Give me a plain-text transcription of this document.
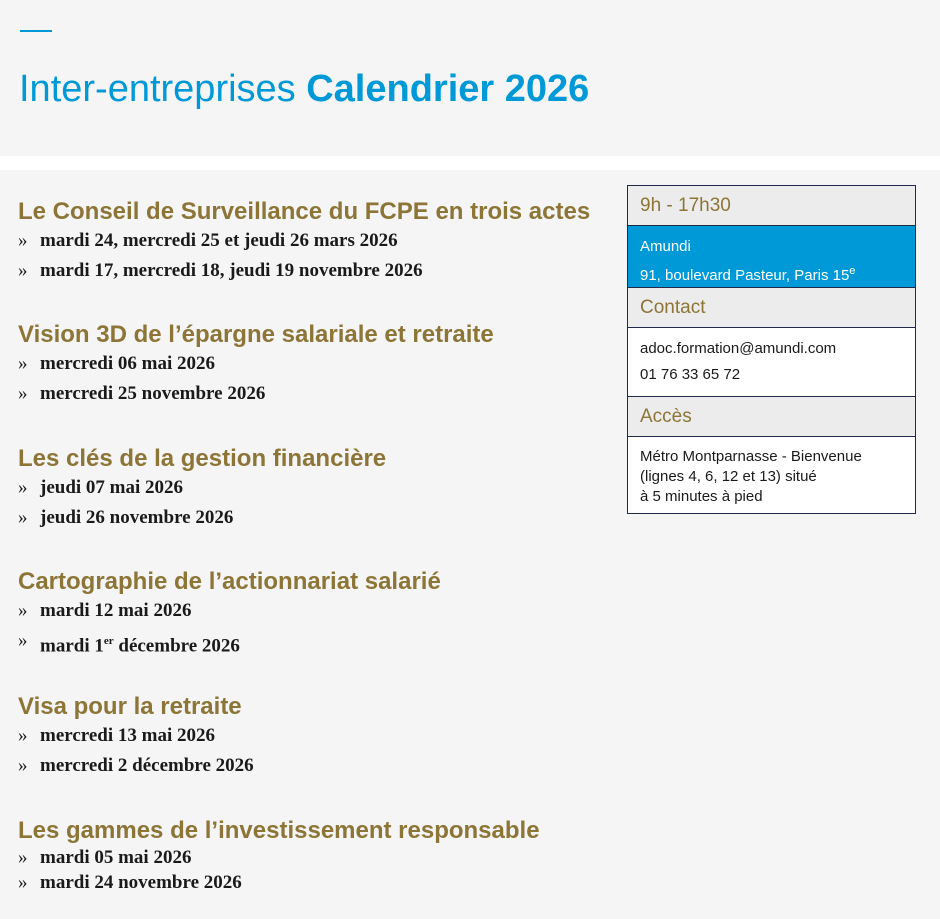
Inter-entreprises Calendrier 2026
Le Conseil de Surveillance du FCPE en trois actes
» mardi 24, mercredi 25 et jeudi 26 mars 2026
» mardi 17, mercredi 18, jeudi 19 novembre 2026
Vision 3D de l’épargne salariale et retraite
» mercredi 06 mai 2026
» mercredi 25 novembre 2026
Les clés de la gestion financière
» jeudi 07 mai 2026
» jeudi 26 novembre 2026
Cartographie de l’actionnariat salarié
» mardi 12 mai 2026
» mardi 1er décembre 2026
Visa pour la retraite
» mercredi 13 mai 2026
» mercredi 2 décembre 2026
Les gammes de l’investissement responsable
» mardi 05 mai 2026
» mardi 24 novembre 2026
9h - 17h30
Amundi
91, boulevard Pasteur, Paris 15e
Contact
adoc.formation@amundi.com
01 76 33 65 72
Accès
Métro Montparnasse - Bienvenue
(lignes 4, 6, 12 et 13) situé
à 5 minutes à pied
